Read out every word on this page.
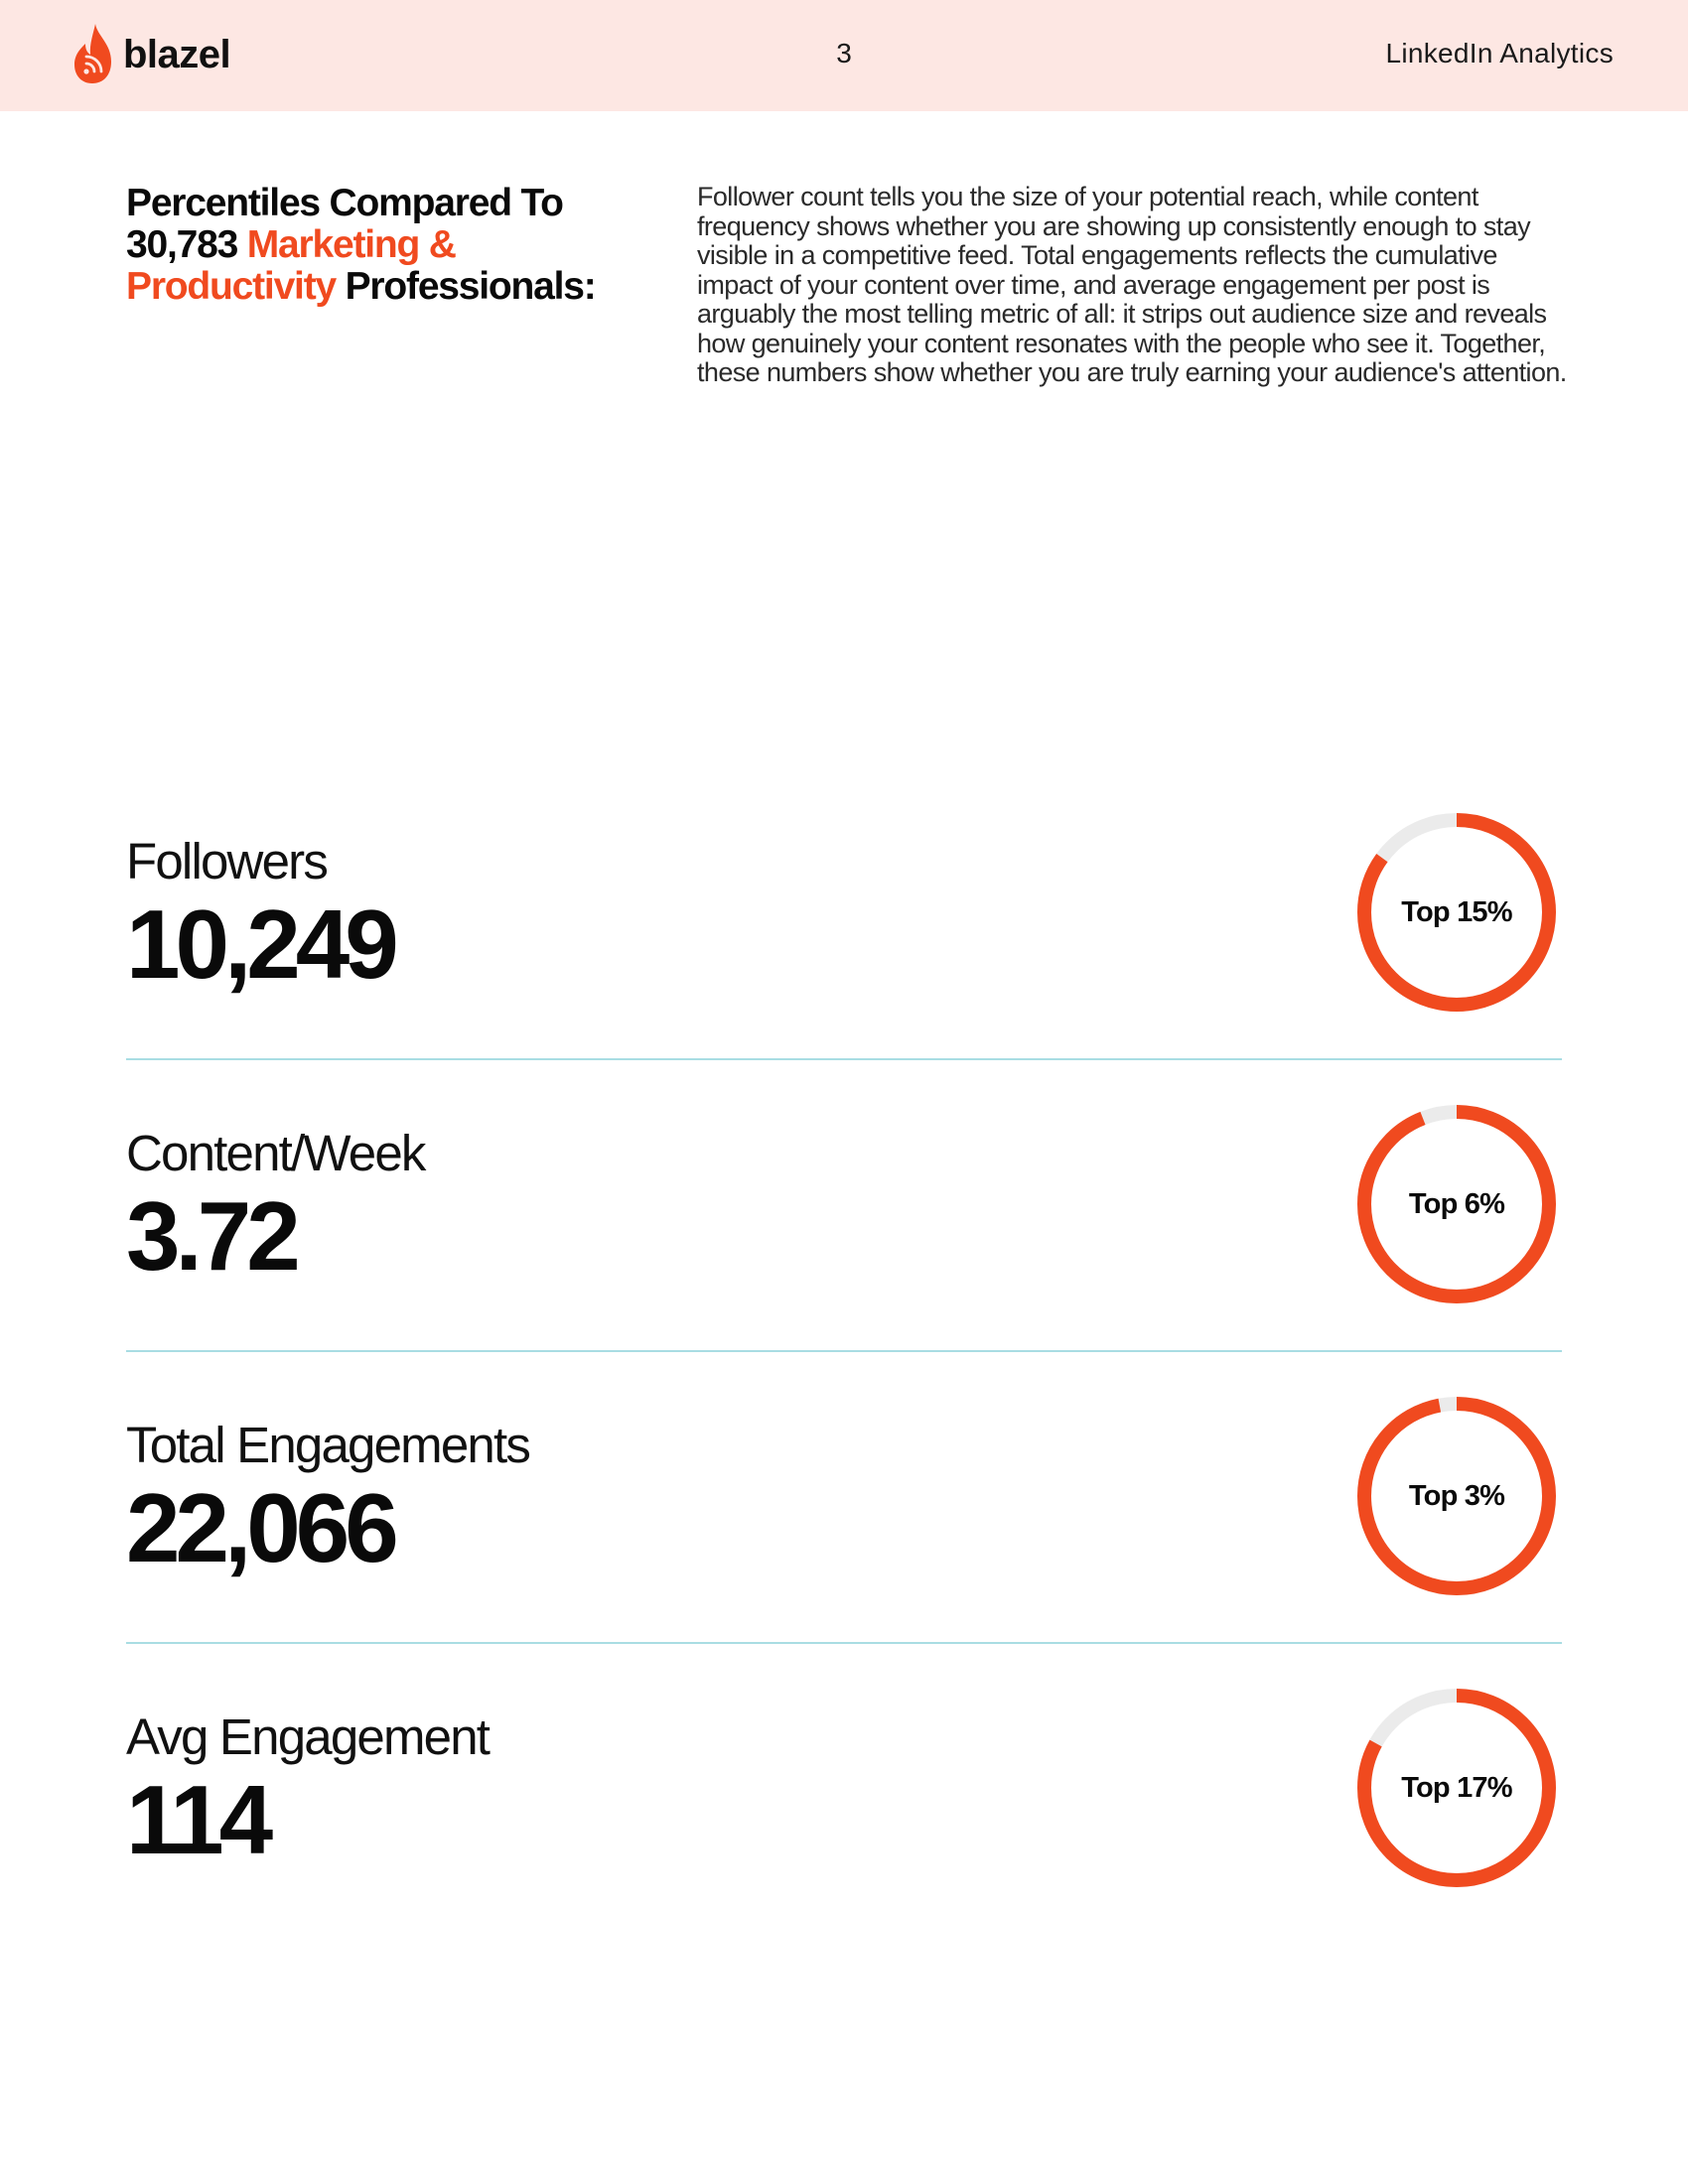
blazel	3	LinkedIn Analytics
Percentiles Compared To 30,783 Marketing & Productivity Professionals:
Follower count tells you the size of your potential reach, while content frequency shows whether you are showing up consistently enough to stay visible in a competitive feed. Total engagements reflects the cumulative impact of your content over time, and average engagement per post is arguably the most telling metric of all: it strips out audience size and reveals how genuinely your content resonates with the people who see it. Together, these numbers show whether you are truly earning your audience's attention.
Followers
10,249	Top 15%
Content/Week
3.72	Top 6%
Total Engagements
22,066	Top 3%
Avg Engagement
114	Top 17%
